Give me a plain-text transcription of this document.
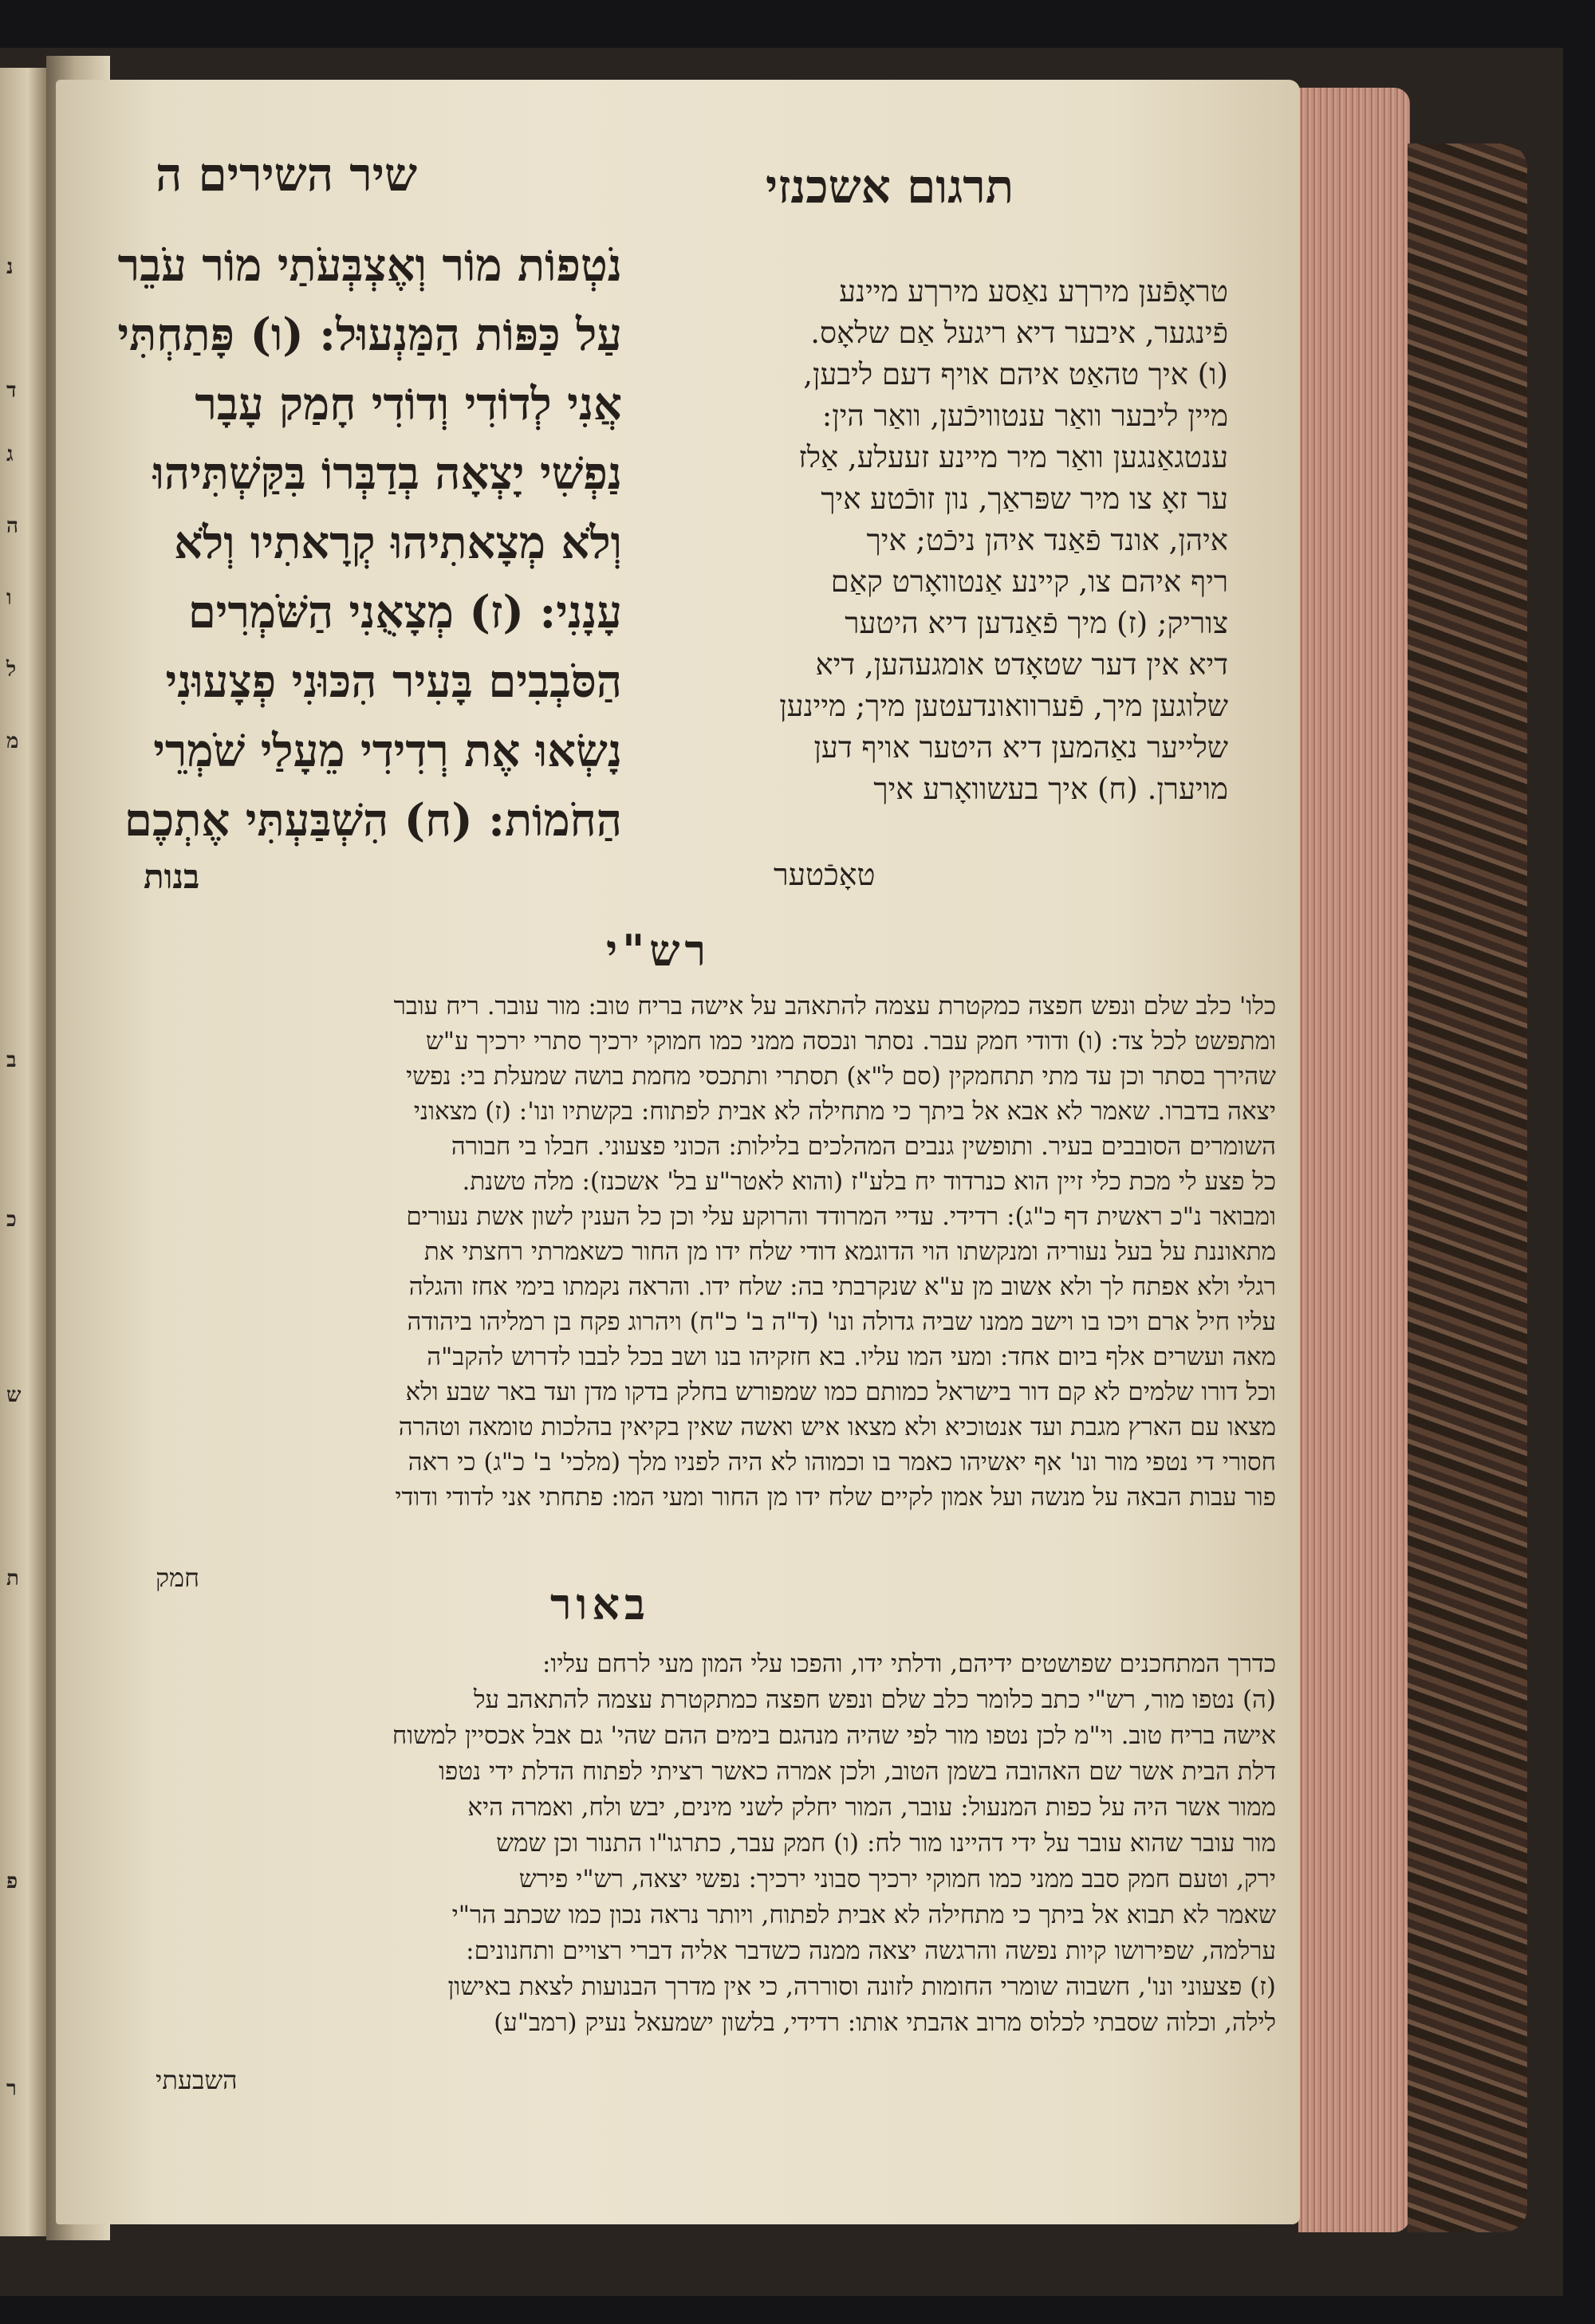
נ
ד
ג
ה
ו
ל
מ
ב
כ
ש
ת
פ
ר
שיר השירים ה	תרגום אשכנזי
נֹטְפוֹת מוֹר וְאֶצְבְּעֹתַי מוֹר עֹבֵר
עַל כַּפּוֹת הַמַּנְעוּל: (ו) פָּתַחְתִּי
אֲנִי לְדוֹדִי וְדוֹדִי חָמַק עָבָר
נַפְשִׁי יָצְאָה בְדַבְּרוֹ בִּקַּשְׁתִּיהוּ
וְלֹא מְצָאתִיהוּ קְרָאתִיו וְלֹא
עָנָנִי: (ז) מְצָאֻנִי הַשֹּׁמְרִים
הַסֹּבְבִים בָּעִיר הִכּוּנִי פְצָעוּנִי
נָשְׂאוּ אֶת רְדִידִי מֵעָלַי שֹׁמְרֵי
הַחֹמוֹת: (ח) הִשְׁבַּעְתִּי אֶתְכֶם
בנות
טראָפֿען מירךע נאַסע מירךע מיינע
פֿינגער, איבער דיא ריגעל אַם שלאָס.
(ו) איך טהאַט איהם אויף דעם ליבען,
מיין ליבער וואַר ענטוויכֿען, וואַר הין:
ענטגאַנגען וואַר מיר מיינע זעעלע, אַלז
ער זאָ צו מיר שפּראַך, נון זוכֿטע איך
איהן, אונד פֿאַנד איהן ניכֿט; איך
ריף איהם צו, קיינע אַנטוואָרט קאַם
צוריק; (ז) מיך פֿאַנדען דיא היטער
דיא אין דער שטאָדט אומגעהען, דיא
שלוגען מיך, פֿערוואונדעטען מיך; מיינען
שלייער נאַהמען דיא היטער אויף דען
מויערן. (ח) איך בעשוואָרע איך
טאָכֿטער
רש"י
כלו' כלב שלם ונפש חפצה כמקטרת עצמה להתאהב על אישה בריח טוב: מור עובר. ריח עובר
ומתפשט לכל צד: (ו) ודודי חמק עבר. נסתר ונכסה ממני כמו חמוקי ירכיך סתרי ירכיך ע"ש
שהירך בסתר וכן עד מתי תתחמקין (סם ל"א) תסתרי ותתכסי מחמת בושה שמעלת בי: נפשי
יצאה בדברו. שאמר לא אבא אל ביתך כי מתחילה לא אבית לפתוח: בקשתיו ונו': (ז) מצאוני
השומרים הסובבים בעיר. ותופשין גנבים המהלכים בלילות: הכוני פצעוני. חבלו בי חבורה
כל פצע לי מכת כלי זיין הוא כנרדוד יח בלע"ז (והוא לאטר"ע בל' אשכנז): מלה טשנת.
ומבואר נ"כ ראשית דף כ"ג): רדידי. עדיי המרודד והרוקע עלי וכן כל הענין לשון אשת נעורים
מתאוננת על בעל נעוריה ומנקשתו הוי הדוגמא דודי שלח ידו מן החור כשאמרתי רחצתי את
רגלי ולא אפתח לך ולא אשוב מן ע"א שנקרבתי בה: שלח ידו. והראה נקמתו בימי אחז והגלה
עליו חיל ארם ויכו בו וישב ממנו שביה גדולה ונו' (ד"ה ב' כ"ח) ויהרוג פקח בן רמליהו ביהודה
מאה ועשרים אלף ביום אחד: ומעי המו עליו. בא חזקיהו בנו ושב בכל לבבו לדרוש להקב"ה
וכל דורו שלמים לא קם דור בישראל כמותם כמו שמפורש בחלק בדקו מדן ועד באר שבע ולא
מצאו עם הארץ מגבת ועד אנטוכיא ולא מצאו איש ואשה שאין בקיאין בהלכות טומאה וטהרה
חסורי די נטפי מור ונו' אף יאשיהו כאמר בו וכמוהו לא היה לפניו מלך (מלכי' ב' כ"ג) כי ראה
פור עבות הבאה על מנשה ועל אמון לקיים שלח ידו מן החור ומעי המו: פתחתי אני לדודי ודודי
חמק
באור
כדרך המתחכנים שפושטים ידיהם, ודלתי ידו, והפכו עלי המון מעי לרחם עליו:
(ה) נטפו מור, רש"י כתב כלומר כלב שלם ונפש חפצה כמתקטרת עצמה להתאהב על
אישה בריח טוב. וי"מ לכן נטפו מור לפי שהיה מנהגם בימים ההם שהי' גם אבל אכסיין למשוח
דלת הבית אשר שם האהובה בשמן הטוב, ולכן אמרה כאשר רציתי לפתוח הדלת ידי נטפו
ממור אשר היה על כפות המנעול: עובר, המור יחלק לשני מינים, יבש ולח, ואמרה היא
מור עובר שהוא עובר על ידי דהיינו מור לח: (ו) חמק עבר, כתרגו"ו התנור וכן שמש
ירק, וטעם חמק סבב ממני כמו חמוקי ירכיך סבוני ירכיך: נפשי יצאה, רש"י פירש
שאמר לא תבוא אל ביתך כי מתחילה לא אבית לפתוח, ויותר נראה נכון כמו שכתב הר"י
ערלמה, שפירושו קיות נפשה והרגשה יצאה ממנה כשדבר אליה דברי רצויים ותחנונים:
(ז) פצעוני ונו', חשבוה שומרי החומות לזונה וסוררה, כי אין מדרך הבנועות לצאת באישון
לילה, וכלוה שסבתי לכלוס מרוב אהבתי אותו: רדידי, בלשון ישמעאל נעיק (רמב"ע)
השבעתי
